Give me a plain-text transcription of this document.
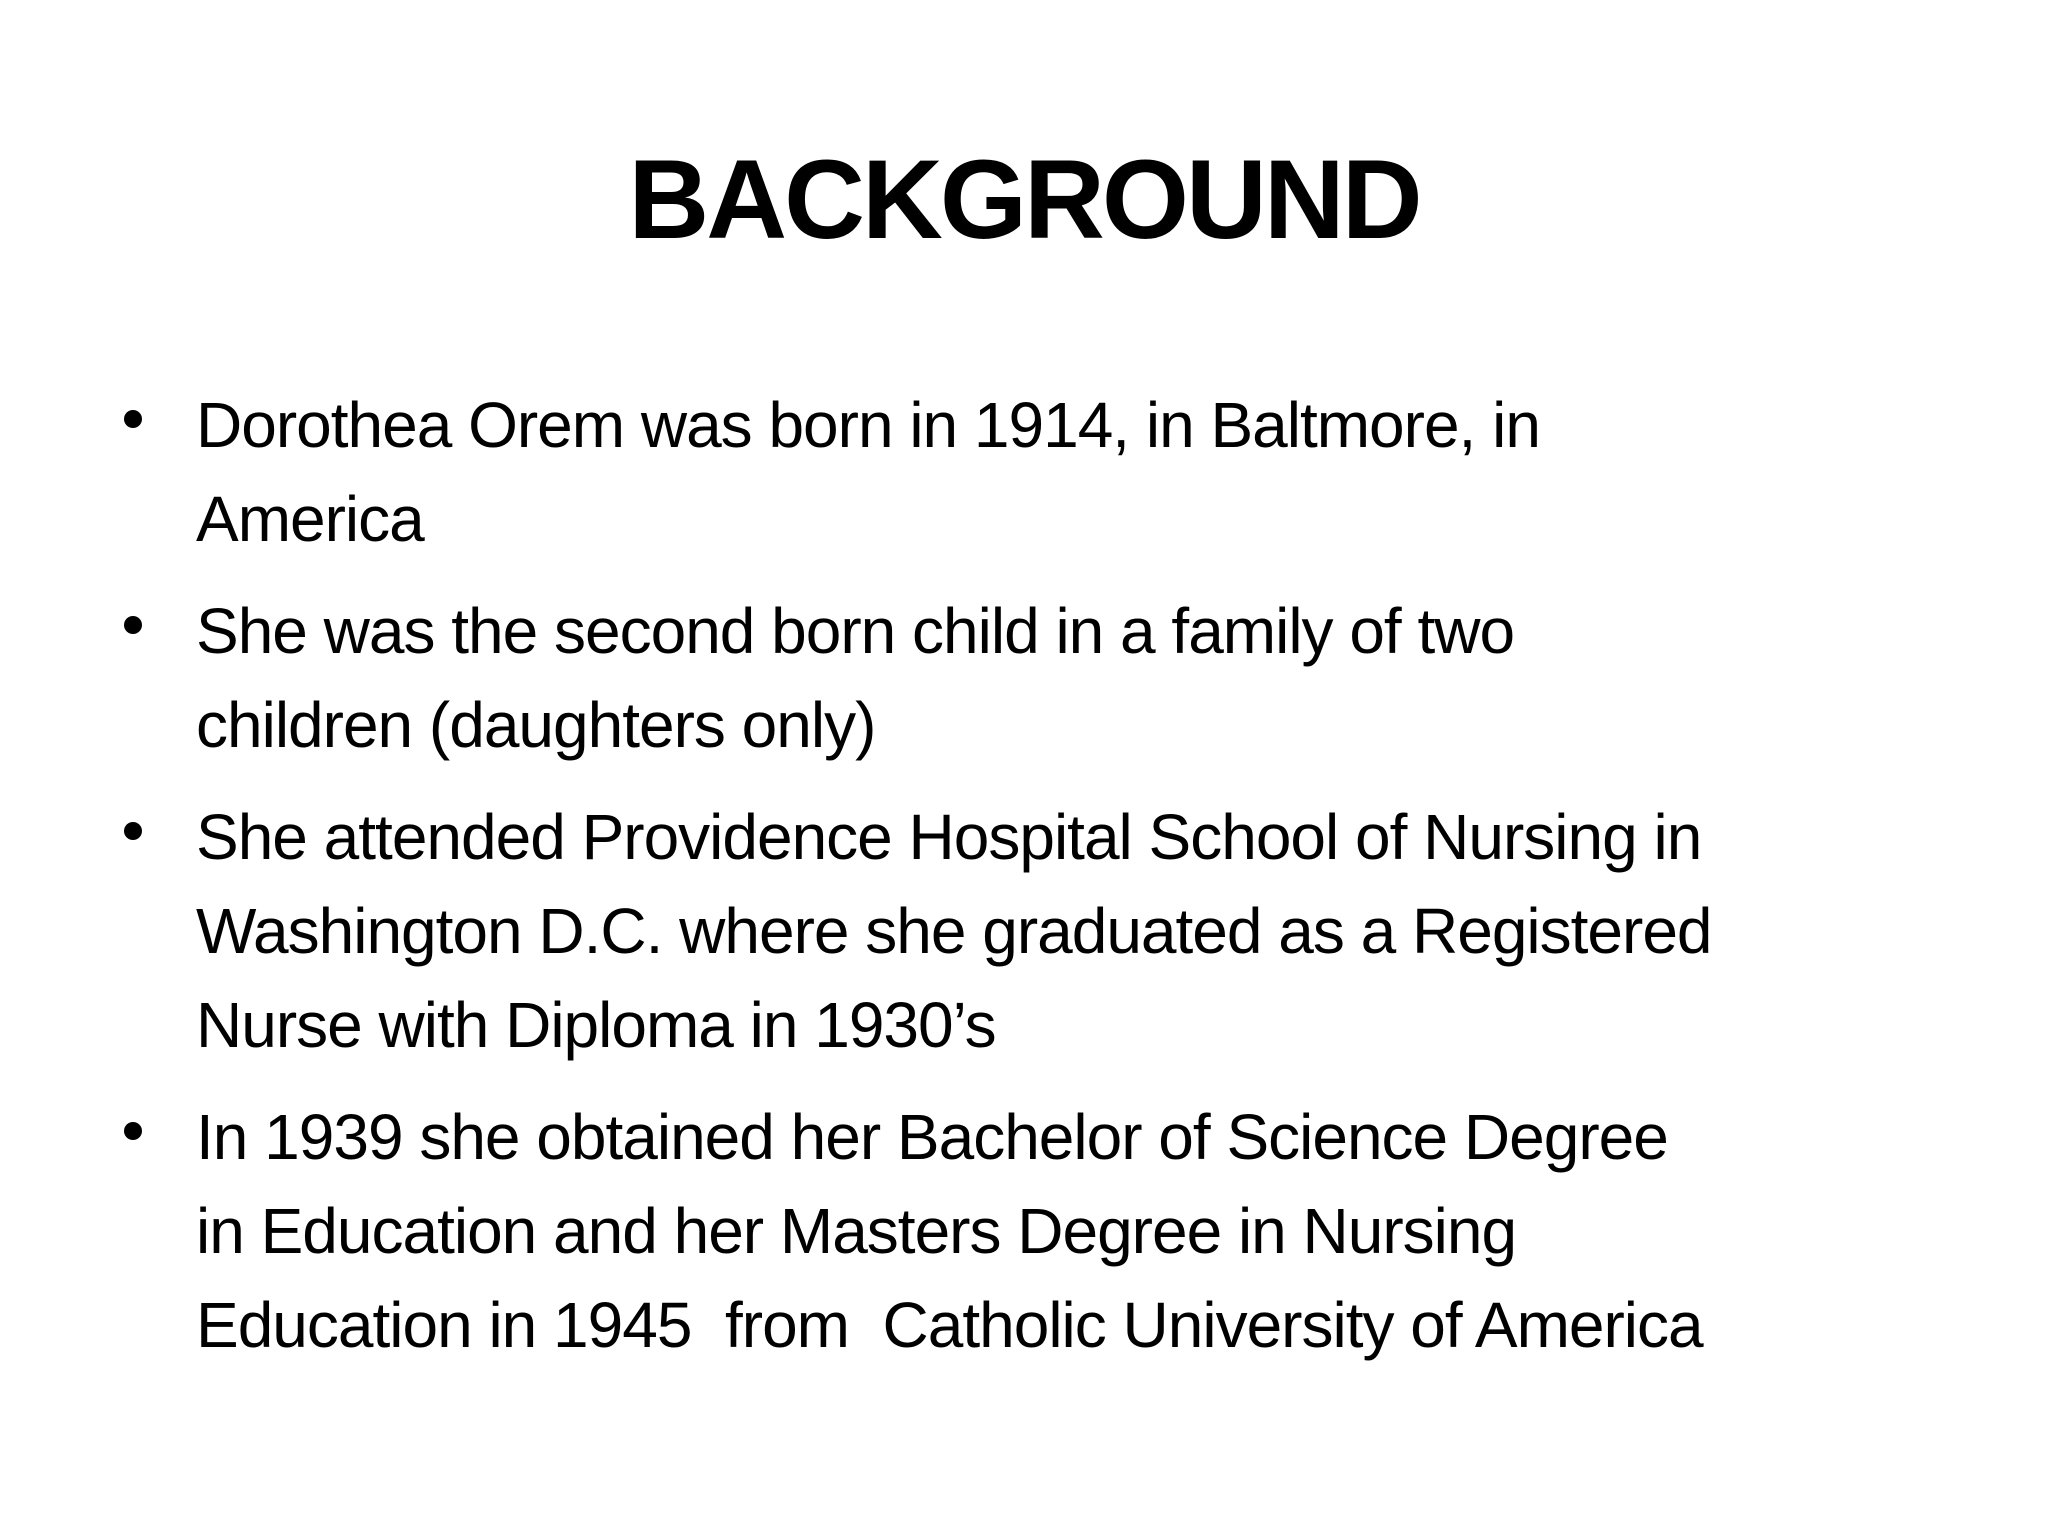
BACKGROUND
Dorothea Orem was born in 1914, in Baltmore, in
America
She was the second born child in a family of two
children (daughters only)
She attended Providence Hospital School of Nursing in
Washington D.C. where she graduated as a Registered
Nurse with Diploma in 1930’s
In 1939 she obtained her Bachelor of Science Degree
in Education and her Masters Degree in Nursing
Education in 1945  from  Catholic University of America
